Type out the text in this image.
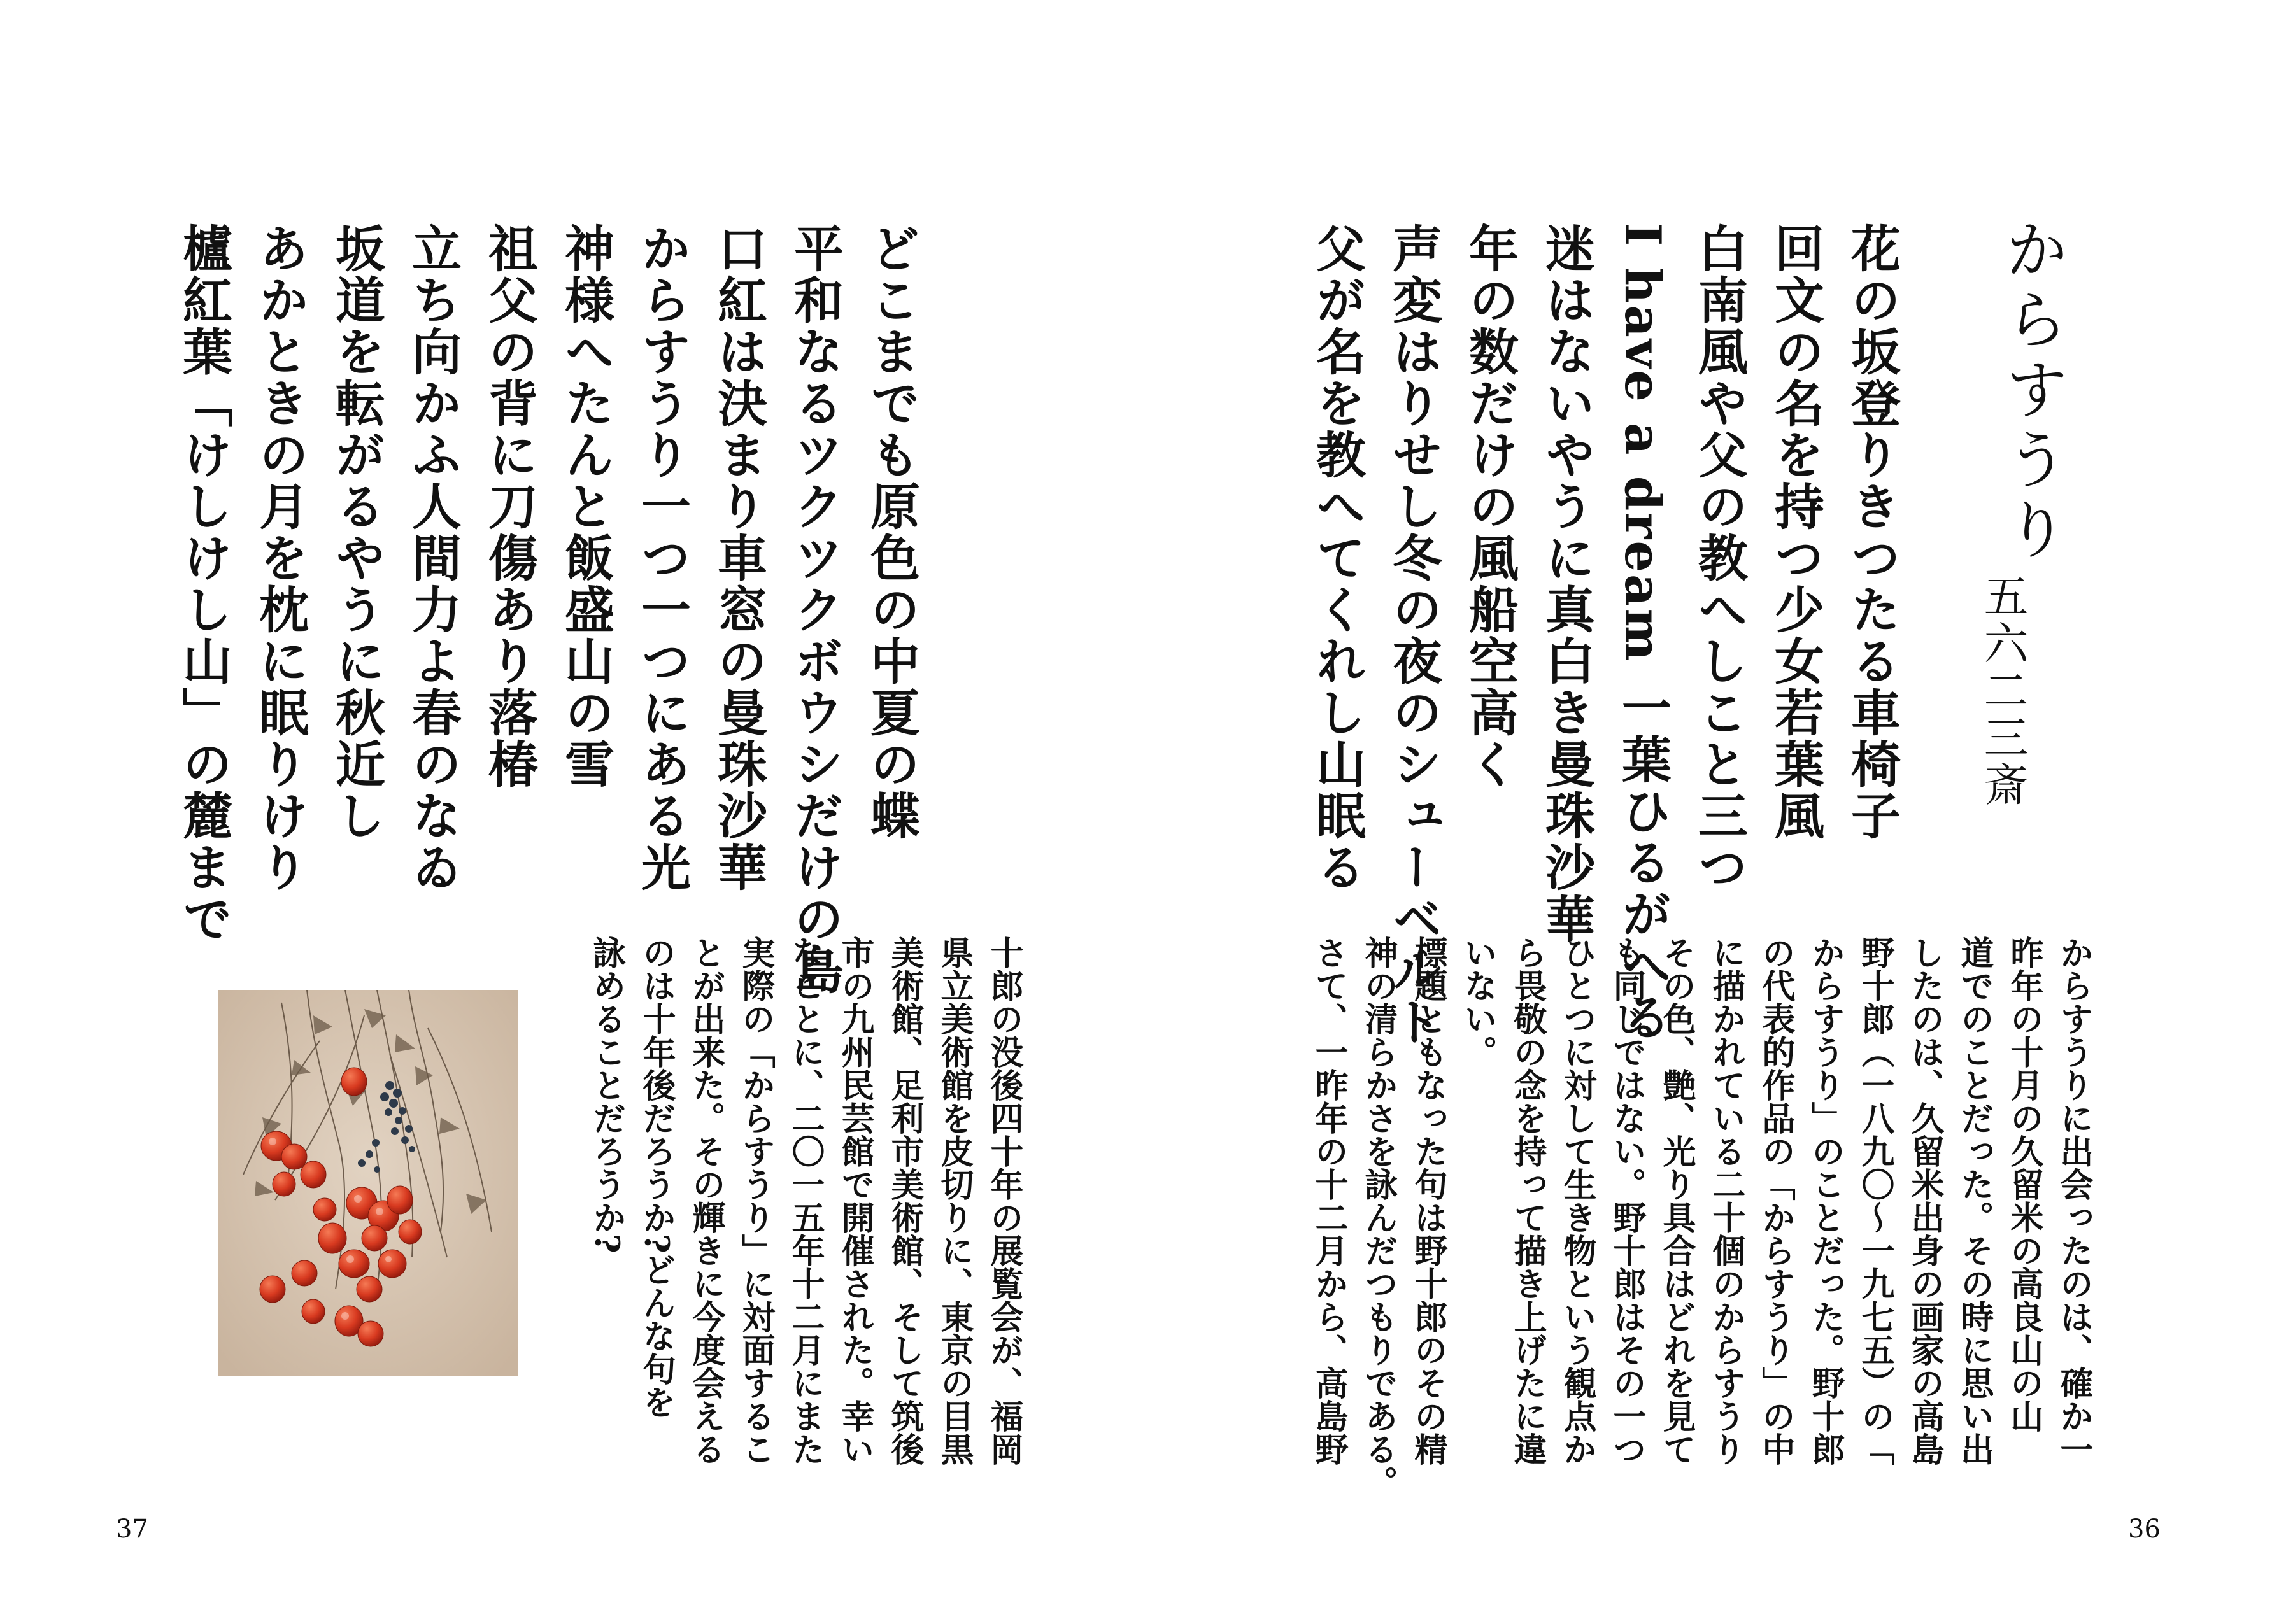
からすうり
五六二三斎
花の坂登りきつたる車椅子
回文の名を持つ少女若葉風
白南風や父の教へしこと三つ
I have a dream 一葉ひるがへる
迷はないやうに真白き曼珠沙華
年の数だけの風船空高く
声変はりせし冬の夜のシューベルト
父が名を教へてくれし山眠る
からすうりに出会ったのは、確か一
昨年の十月の久留米の高良山の山
道でのことだった。その時に思い出
したのは、久留米出身の画家の高島
野十郎（一八九〇〜一九七五）の「
からすうり」のことだった。野十郎
の代表的作品の「からすうり」の中
に描かれている二十個のからすうり
その色、艶、光り具合はどれを見て
も同じではない。野十郎はその一つ
ひとつに対して生き物という観点か
ら畏敬の念を持って描き上げたに違
いない。
標題ともなった句は野十郎のその精
神の清らかさを詠んだつもりである。
さて、一昨年の十二月から、高島野
36
どこまでも原色の中夏の蝶
平和なるツクツクボウシだけの島
口紅は決まり車窓の曼珠沙華
からすうり一つ一つにある光
神様へたんと飯盛山の雪
祖父の背に刀傷あり落椿
立ち向かふ人間力よ春のなゐ
坂道を転がるやうに秋近し
あかときの月を枕に眠りけり
櫨紅葉「けしけし山」の麓まで
十郎の没後四十年の展覧会が、福岡
県立美術館を皮切りに、東京の目黒
美術館、足利市美術館、そして筑後
市の九州民芸館で開催された。幸い
なことに、二〇一五年十二月にまた
実際の「からすうり」に対面するこ
とが出来た。その輝きに今度会える
のは十年後だろうか?どんな句を
詠めることだろうか?
37
